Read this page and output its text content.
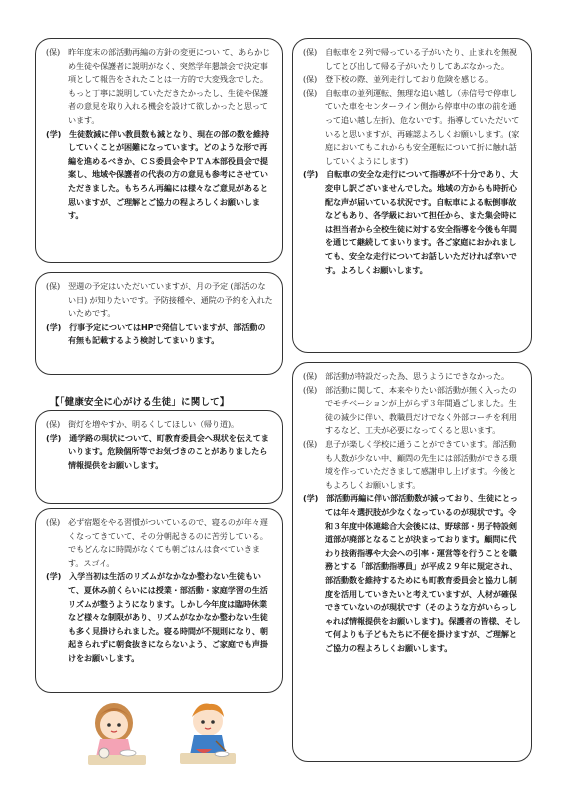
(保)　昨年度末の部活動再編の方針の変更につい て、あらかじめ生徒や保護者に説明がなく、突然学年懇談会で決定事項として報告をされたことは一方的で大変残念でした。もっと丁寧に説明していただきたかったし、生徒や保護者の意見を取り入れる機会を設けて欲しかったと思っています。

(学)　生徒数減に伴い教員数も減となり、現在の部の数を維持していくことが困難になっています。どのような形で再編を進めるべきか、ＣＳ委員会やＰＴＡ本部役員会で提案し、地域や保護者の代表の方の意見も参考にさせていただきました。もちろん再編には様々なご意見があると思いますが、ご理解とご協力の程よろしくお願いします。

(保)　翌週の予定はいただいていますが、月の予定 (部活のない日) が知りたいです。予防接種や、通院の予約を入れたいためです。

(学)　行事予定についてはHPで発信していますが、部活動の有無も記載するよう検討してまいります。

【「健康安全に心がける生徒」に関して】

(保)　街灯を増やすか、明るくしてほしい（帰り道)。

(学)　通学路の現状について、町教育委員会へ現状を伝えてまいります。危険個所等でお気づきのことがありましたら情報提供をお願いします。

(保)　必ず宿題をやる習慣がついているので、寝るのが年々遅くなってきていて、その分朝起きるのに苦労している。でもどんなに時間がなくても朝ごはんは食べていきます。スゴイ。

(学)　入学当初は生活のリズムがなかなか整わない生徒もいて、夏休み前くらいには授業・部活動・家庭学習の生活リズムが整うようになります。しかし今年度は臨時休業など様々な制限があり、リズムがなかなか整わない生徒も多く見掛けられました。寝る時間が不規則になり、朝起きられずに朝食抜きにならないよう、ご家庭でも声掛けをお願いします。

(保)　自転車を２列で帰っている子がいたり、止まれを無視してとび出して帰る子がいたりしてあぶなかった。

(保)　登下校の際、並列走行しており危険を感じる。

(保)　自転車の並列運転、無理な追い越し（赤信号で停車していた車をセンターライン側から停車中の車の前を通って追い越し左折)、危ないです。指導していただいていると思いますが、再確認よろしくお願いします。(家庭においてもこれからも安全運転について折に触れ話していくようにします)

(学)　自転車の安全な走行について指導が不十分であり、大変申し訳ございませんでした。地域の方からも時折心配な声が届いている状況です。自転車による転倒事故などもあり、各学級において担任から、また集会時には担当者から全校生徒に対する安全指導を今後も年間を通じて継続してまいります。各ご家庭におかれましても、安全な走行についてお話しいただければ幸いです。よろしくお願いします。

(保)　部活動が特設だった為、思うようにできなかった。

(保)　部活動に関して、本来やりたい部活動が無く入ったのでモチベーションが上がらず３年間過ごしました。生徒の減少に伴い、教職員だけでなく外部コーチを利用するなど、工夫が必要になってくると思います。

(保)　息子が楽しく学校に通うことができています。部活動も人数が少ない中、顧問の先生には部活動ができる環境を作っていただきまして感謝申し上げます。今後ともよろしくお願いします。

(学)　部活動再編に伴い部活動数が減っており、生徒にとっては年々選択肢が少なくなっているのが現状です。令和３年度中体連総合大会後には、野球部・男子特設剣道部が廃部となることが決まっております。顧問に代わり技術指導や大会への引率・運営等を行うことを職務とする「部活動指導員」が平成２９年に規定され、部活動数を維持するためにも町教育委員会と協力し制度を活用していきたいと考えていますが、人材が確保できていないのが現状です（そのような方がいらっしゃれば情報提供をお願いします)。保護者の皆様、そして何よりも子どもたちに不便を掛けますが、ご理解とご協力の程よろしくお願いします。
